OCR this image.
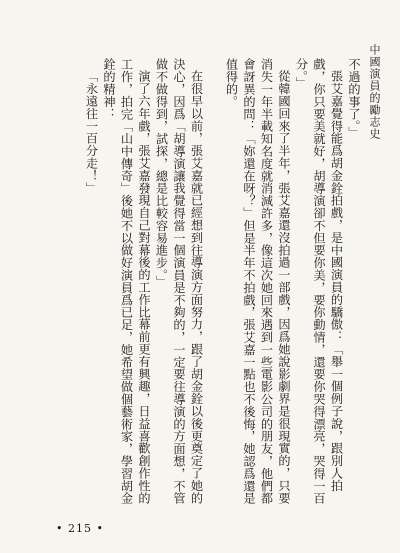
中國演員的勵志史

不過的事了。」

張艾嘉覺得能爲胡金銓拍戲，是中國演員的驕傲：「舉一個例子說，跟別人拍戲，你只要美就好，胡導演卻不但要你美，要你動情，還要你哭得漂亮，哭得一百分。」

從韓國回來了半年，張艾嘉還沒拍過一部戲，因爲她說影劇界是很現實的，只要消失一年半載知名度就消減許多，像這次她回來遇到一些電影公司的朋友，他們都會訝異的問：「妳還在呀？」但是半年不拍戲，張艾嘉一點也不後悔，她認爲還是值得的。

在很早以前，張艾嘉就已經想到往導演方面努力，跟了胡金銓以後更奠定了她的決心，因爲「胡導演讓我覺得當一個演員是不夠的，一定要往導演的方面想，不管做不做得到，試探，總是比較容易進步。」

演了六年戲，張艾嘉發現自己對幕後的工作比幕前更有興趣，日益喜歡創作性的工作，拍完「山中傳奇」後她不以做好演員爲已足，她希望做個藝術家，學習胡金銓的精神：

「永遠往一百分走！」

• 215 •
